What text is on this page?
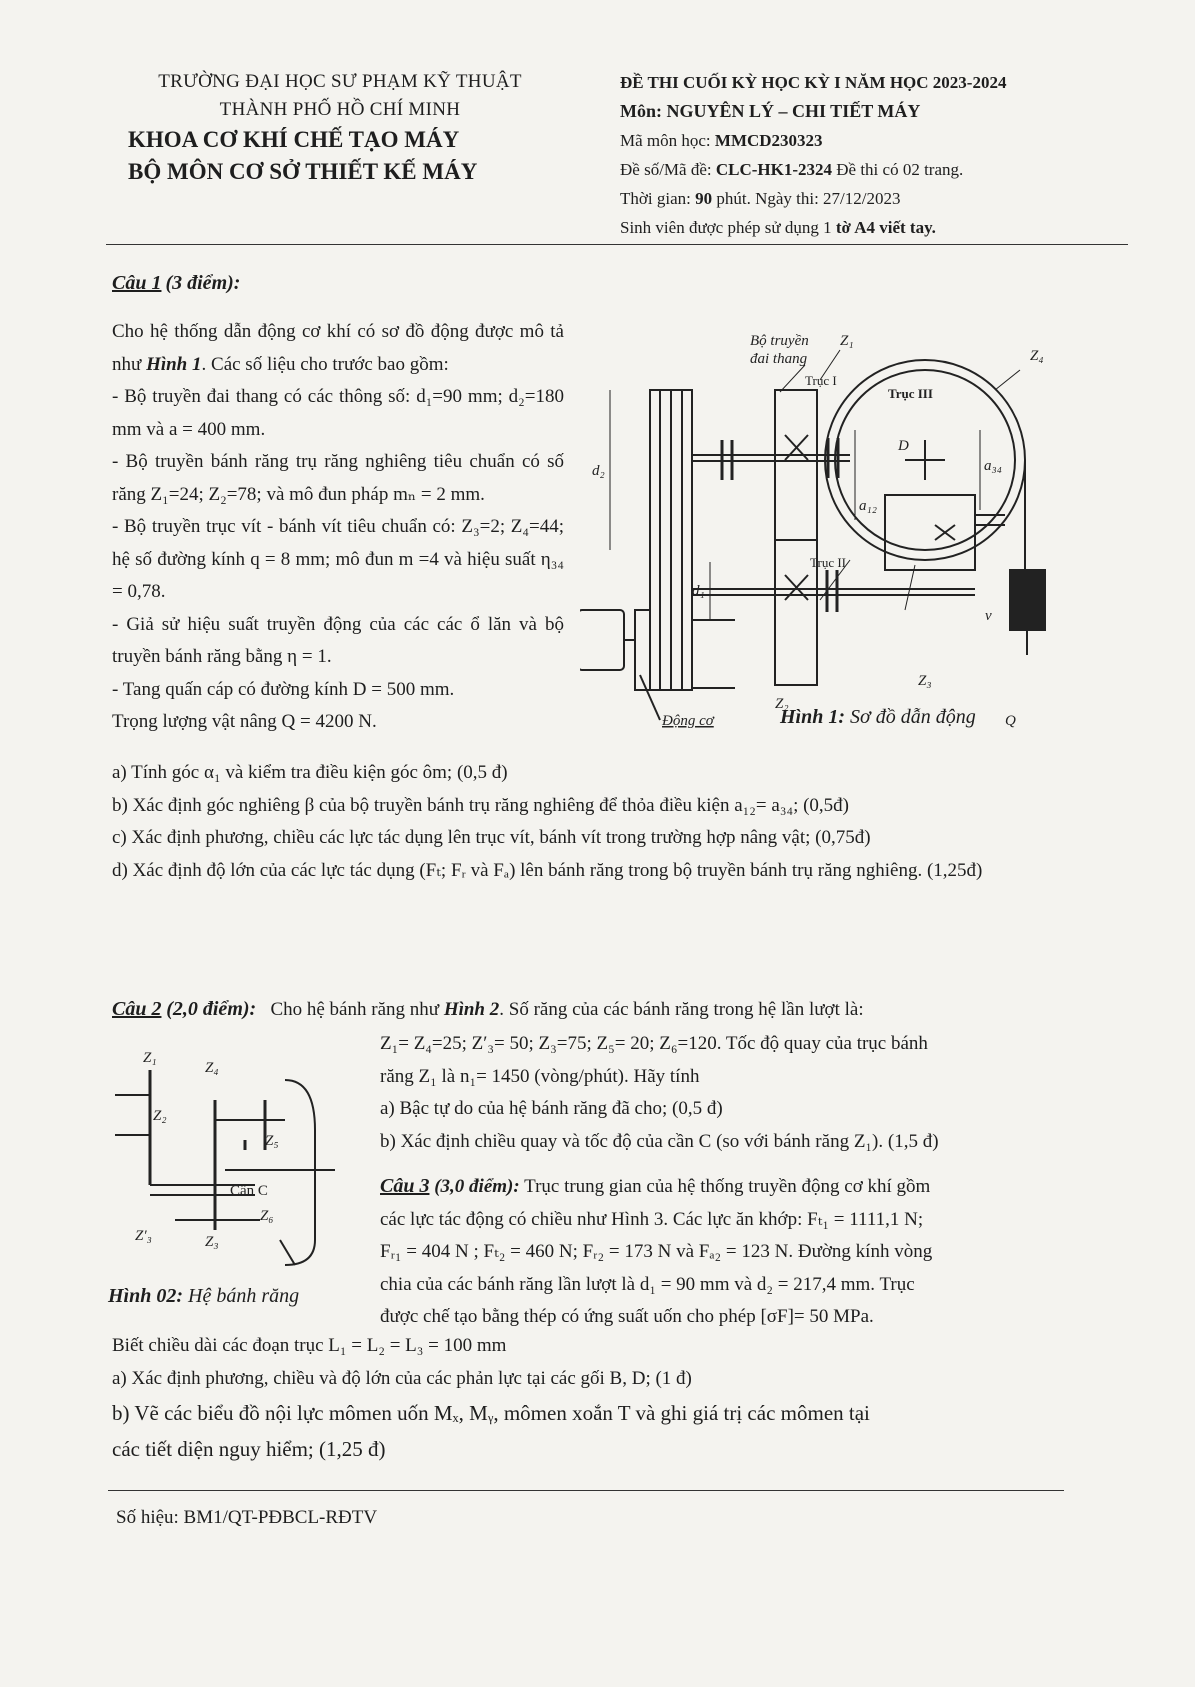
TRƯỜNG ĐẠI HỌC SƯ PHẠM KỸ THUẬT
THÀNH PHỐ HỒ CHÍ MINH
KHOA CƠ KHÍ CHẾ TẠO MÁY
BỘ MÔN CƠ SỞ THIẾT KẾ MÁY
ĐỀ THI CUỐI KỲ HỌC KỲ I NĂM HỌC 2023-2024
Môn: NGUYÊN LÝ – CHI TIẾT MÁY
Mã môn học: MMCD230323
Đề số/Mã đề: CLC-HK1-2324 Đề thi có 02 trang.
Thời gian: 90 phút. Ngày thi: 27/12/2023
Sinh viên được phép sử dụng 1 tờ A4 viết tay.
Câu 1 (3 điểm):
Cho hệ thống dẫn động cơ khí có sơ đồ động được mô tả như Hình 1. Các số liệu cho trước bao gồm:
- Bộ truyền đai thang có các thông số: d₁=90 mm; d₂=180 mm và a = 400 mm.
- Bộ truyền bánh răng trụ răng nghiêng tiêu chuẩn có số răng Z₁=24; Z₂=78; và mô đun pháp mₙ = 2 mm.
- Bộ truyền trục vít - bánh vít tiêu chuẩn có: Z₃=2; Z₄=44; hệ số đường kính q = 8 mm; mô đun m =4 và hiệu suất η₃₄ = 0,78.
- Giả sử hiệu suất truyền động của các các ổ lăn và bộ truyền bánh răng bằng η = 1.
- Tang quấn cáp có đường kính D = 500 mm.
Trọng lượng vật nâng Q = 4200 N.
Bộ truyền
đai thang
Z₁
Z₄
Z₂
Z₃
Trục I
Trục II
Trục III
D
d₂
d₁
a₁₂
a₃₄
Động cơ
v⃗
Q
Hình 1: Sơ đồ dẫn động
a) Tính góc α₁ và kiểm tra điều kiện góc ôm; (0,5 đ)
b) Xác định góc nghiêng β của bộ truyền bánh trụ răng nghiêng để thỏa điều kiện a₁₂= a₃₄; (0,5đ)
c) Xác định phương, chiều các lực tác dụng lên trục vít, bánh vít trong trường hợp nâng vật; (0,75đ)
d) Xác định độ lớn của các lực tác dụng (Fₜ; Fᵣ và Fₐ) lên bánh răng trong bộ truyền bánh trụ răng nghiêng. (1,25đ)
Câu 2 (2,0 điểm): Cho hệ bánh răng như Hình 2. Số răng của các bánh răng trong hệ lần lượt là:
Z₁= Z₄=25; Z′₃= 50; Z₃=75; Z₅= 20; Z₆=120. Tốc độ quay của trục bánh
răng Z₁ là n₁= 1450 (vòng/phút). Hãy tính
a) Bậc tự do của hệ bánh răng đã cho; (0,5 đ)
b) Xác định chiều quay và tốc độ của cần C (so với bánh răng Z₁). (1,5 đ)
Z₁
Z₂
Z′₃	Z₃
Z₄
Z₅
Z₆
Cần C
Hình 02: Hệ bánh răng
Câu 3 (3,0 điểm): Trục trung gian của hệ thống truyền động cơ khí gồm
các lực tác động có chiều như Hình 3. Các lực ăn khớp: Fₜ₁ = 1111,1 N;
Fᵣ₁ = 404 N ; Fₜ₂ = 460 N; Fᵣ₂ = 173 N và Fₐ₂ = 123 N. Đường kính vòng
chia của các bánh răng lần lượt là d₁ = 90 mm và d₂ = 217,4 mm. Trục
được chế tạo bằng thép có ứng suất uốn cho phép [σF]= 50 MPa.
Biết chiều dài các đoạn trục L₁ = L₂ = L₃ = 100 mm
a) Xác định phương, chiều và độ lớn của các phản lực tại các gối B, D; (1 đ)
b) Vẽ các biểu đồ nội lực mômen uốn Mₓ, Mᵧ, mômen xoắn T và ghi giá trị các mômen tại
các tiết diện nguy hiểm; (1,25 đ)
Số hiệu: BM1/QT-PĐBCL-RĐTV
